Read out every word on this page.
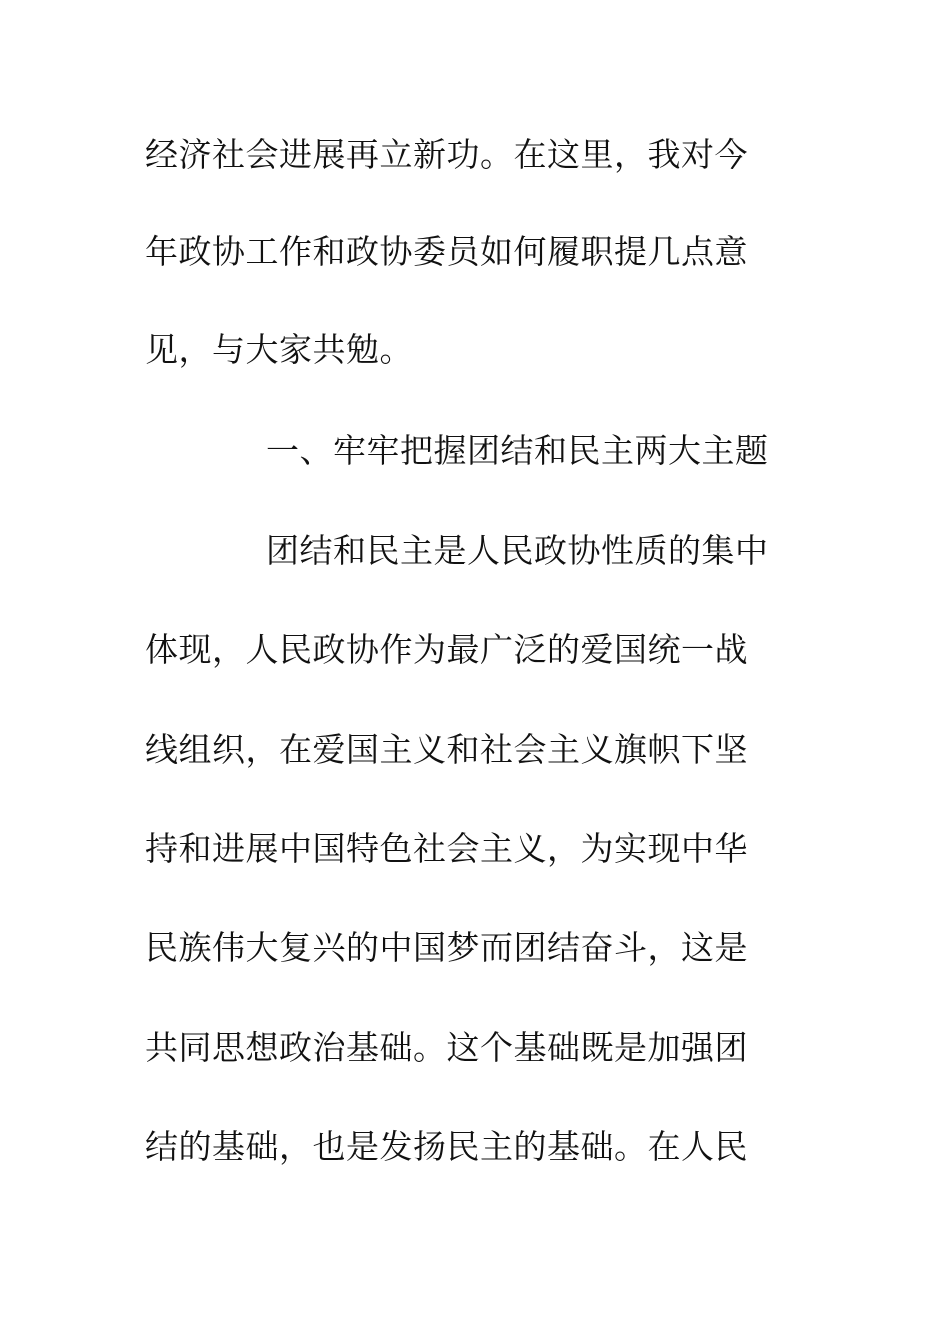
经济社会进展再立新功。在这里，我对今
年政协工作和政协委员如何履职提几点意
见，与大家共勉。
一、牢牢把握团结和民主两大主题
团结和民主是人民政协性质的集中
体现，人民政协作为最广泛的爱国统一战
线组织，在爱国主义和社会主义旗帜下坚
持和进展中国特色社会主义，为实现中华
民族伟大复兴的中国梦而团结奋斗，这是
共同思想政治基础。这个基础既是加强团
结的基础，也是发扬民主的基础。在人民
